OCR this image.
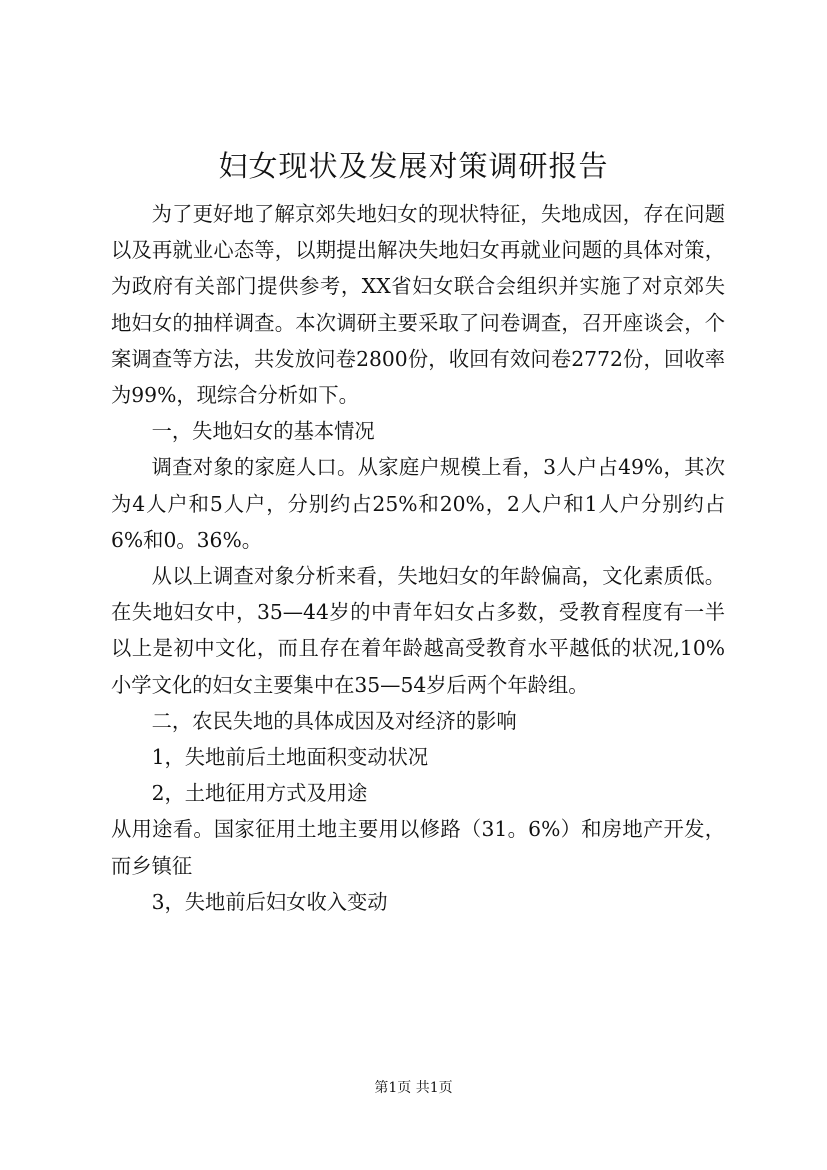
妇女现状及发展对策调研报告

为了更好地了解京郊失地妇女的现状特征，失地成因，存在问题以及再就业心态等，以期提出解决失地妇女再就业问题的具体对策，为政府有关部门提供参考，XX省妇女联合会组织并实施了对京郊失地妇女的抽样调查。本次调研主要采取了问卷调查，召开座谈会，个案调查等方法，共发放问卷2800份，收回有效问卷2772份，回收率为99%，现综合分析如下。

一，失地妇女的基本情况

调查对象的家庭人口。从家庭户规模上看，3人户占49%，其次为4人户和5人户，分别约占25%和20%，2人户和1人户分别约占6%和0。36%。

从以上调查对象分析来看，失地妇女的年龄偏高，文化素质低。在失地妇女中，35—44岁的中青年妇女占多数，受教育程度有一半以上是初中文化，而且存在着年龄越高受教育水平越低的状况,10%小学文化的妇女主要集中在35—54岁后两个年龄组。

二，农民失地的具体成因及对经济的影响

1，失地前后土地面积变动状况

2，土地征用方式及用途

从用途看。国家征用土地主要用以修路（31。6%）和房地产开发，而乡镇征

3，失地前后妇女收入变动

第1页 共1页
